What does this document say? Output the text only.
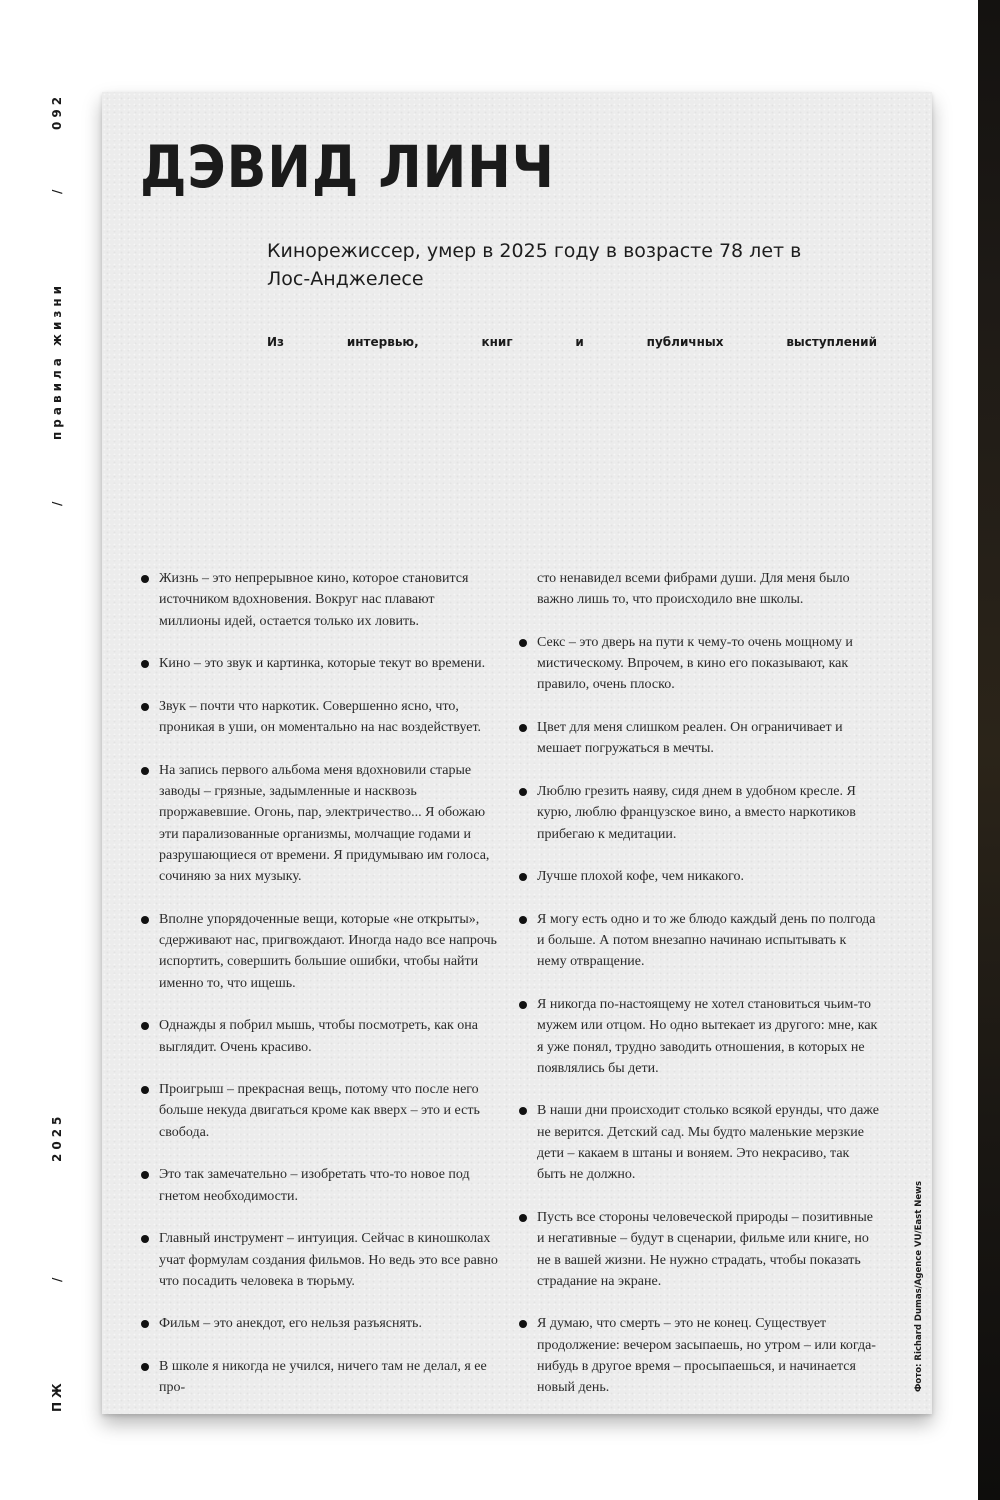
092
/
правила жизни
/
2025
/
ПЖ
ДЭВИД ЛИНЧ
Кинорежиссер, умер в 2025 году в возрасте 78 лет в Лос-Анджелесе
Из	интервью,	книг	и	публичных	выступлений
Жизнь – это непрерывное кино, которое становится источником вдохновения. Вокруг нас плавают миллионы идей, остается только их ловить.
Кино – это звук и картинка, которые текут во времени.
Звук – почти что наркотик. Совершенно ясно, что, проникая в уши, он моментально на нас воздействует.
На запись первого альбома меня вдохновили старые заводы – грязные, задымленные и насквозь проржавевшие. Огонь, пар, электричество... Я обожаю эти парализованные организмы, молчащие годами и разрушающиеся от времени. Я придумываю им голоса, сочиняю за них музыку.
Вполне упорядоченные вещи, которые «не открыты», сдерживают нас, пригвождают. Иногда надо все напрочь испортить, совершить большие ошибки, чтобы найти именно то, что ищешь.
Однажды я побрил мышь, чтобы посмотреть, как она выглядит. Очень красиво.
Проигрыш – прекрасная вещь, потому что после него больше некуда двигаться кроме как вверх – это и есть свобода.
Это так замечательно – изобретать что-то новое под гнетом необходимости.
Главный инструмент – интуиция. Сейчас в киношколах учат формулам создания фильмов. Но ведь это все равно что посадить человека в тюрьму.
Фильм – это анекдот, его нельзя разъяснять.
В школе я никогда не учился, ничего там не делал, я ее про-
сто ненавидел всеми фибрами души. Для меня было важно лишь то, что происходило вне школы.
Секс – это дверь на пути к чему-то очень мощному и мистическому. Впрочем, в кино его показывают, как правило, очень плоско.
Цвет для меня слишком реален. Он ограничивает и мешает погружаться в мечты.
Люблю грезить наяву, сидя днем в удобном кресле. Я курю, люблю французское вино, а вместо наркотиков прибегаю к медитации.
Лучше плохой кофе, чем никакого.
Я могу есть одно и то же блюдо каждый день по полгода и больше. А потом внезапно начинаю испытывать к нему отвращение.
Я никогда по-настоящему не хотел становиться чьим-то мужем или отцом. Но одно вытекает из другого: мне, как я уже понял, трудно заводить отношения, в которых не появлялись бы дети.
В наши дни происходит столько всякой ерунды, что даже не верится. Детский сад. Мы будто маленькие мерзкие дети – какаем в штаны и воняем. Это некрасиво, так быть не должно.
Пусть все стороны человеческой природы – позитивные и негативные – будут в сценарии, фильме или книге, но не в вашей жизни. Не нужно страдать, чтобы показать страдание на экране.
Я думаю, что смерть – это не конец. Существует продолжение: вечером засыпаешь, но утром – или когда-нибудь в другое время – просыпаешься, и начинается новый день.	Фото: Richard Dumas/Agence VU/East News
